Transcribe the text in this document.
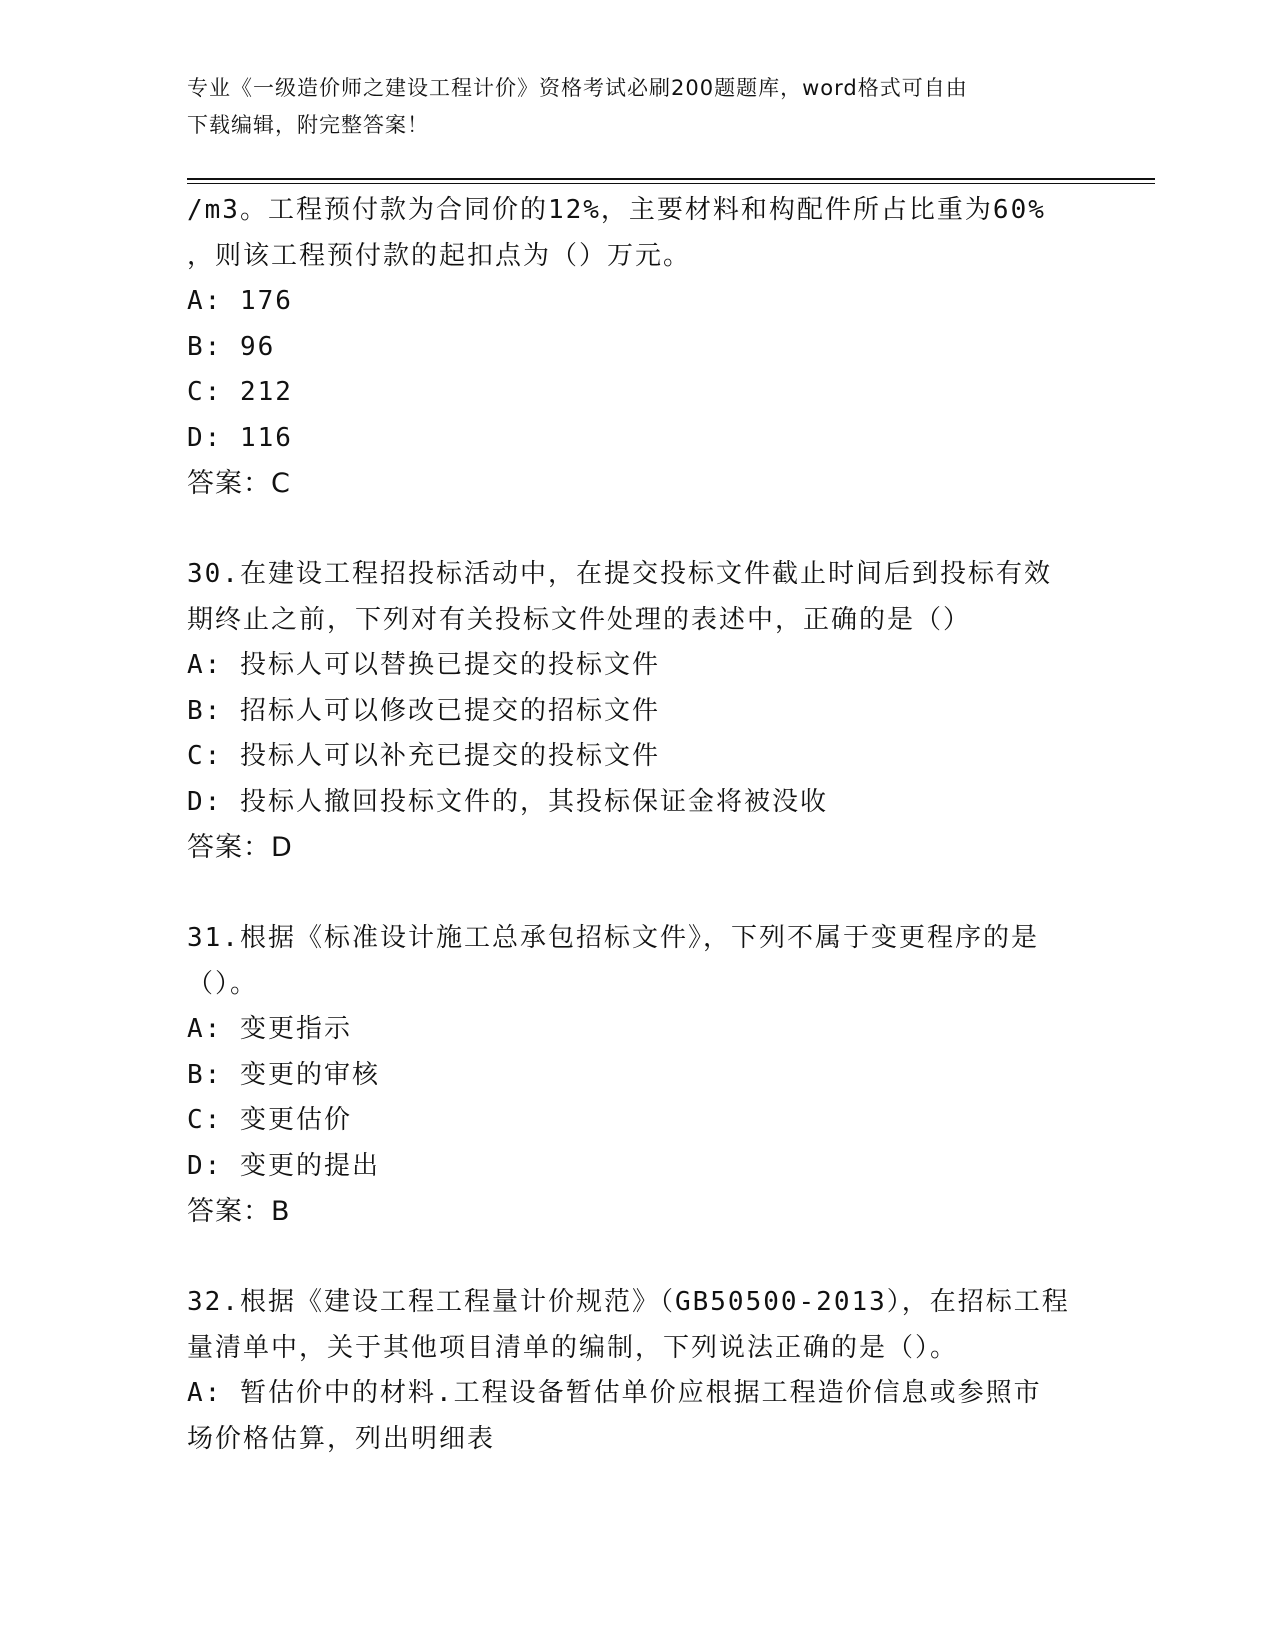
专业《一级造价师之建设工程计价》资格考试必刷200题题库，word格式可自由
下载编辑，附完整答案！
/m3。工程预付款为合同价的12%，主要材料和构配件所占比重为60%
，则该工程预付款的起扣点为（）万元。
A: 176
B: 96
C: 212
D: 116
答案：C
30.在建设工程招投标活动中，在提交投标文件截止时间后到投标有效
期终止之前，下列对有关投标文件处理的表述中，正确的是（）
A: 投标人可以替换已提交的投标文件
B: 招标人可以修改已提交的招标文件
C: 投标人可以补充已提交的投标文件
D: 投标人撤回投标文件的，其投标保证金将被没收
答案：D
31.根据《标准设计施工总承包招标文件》，下列不属于变更程序的是
（）。
A: 变更指示
B: 变更的审核
C: 变更估价
D: 变更的提出
答案：B
32.根据《建设工程工程量计价规范》（GB50500-2013），在招标工程
量清单中，关于其他项目清单的编制，下列说法正确的是（）。
A: 暂估价中的材料.工程设备暂估单价应根据工程造价信息或参照市
场价格估算，列出明细表
